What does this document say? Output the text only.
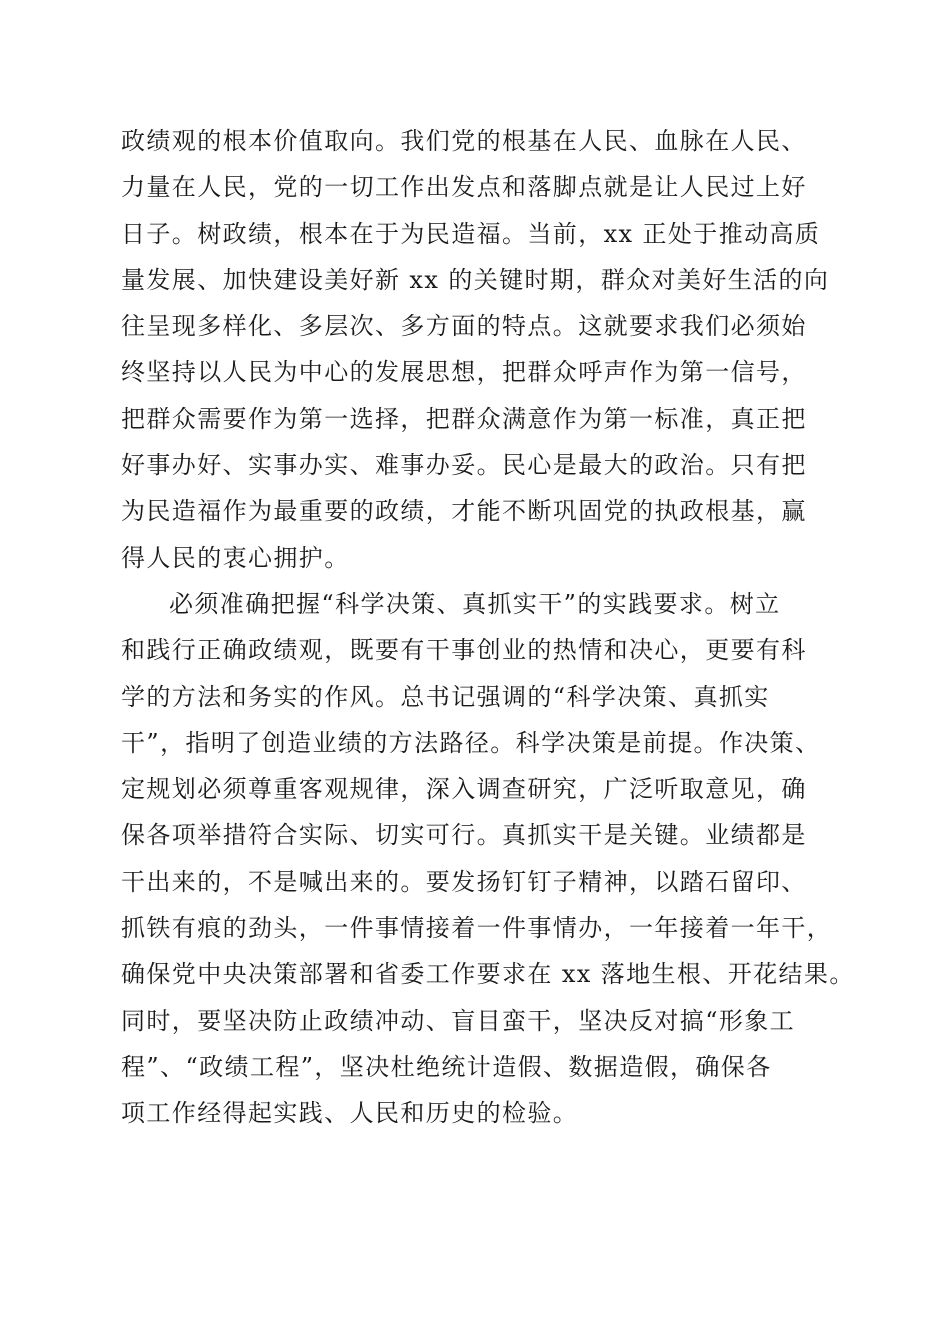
政绩观的根本价值取向。我们党的根基在人民、血脉在人民、
力量在人民，党的一切工作出发点和落脚点就是让人民过上好
日子。树政绩，根本在于为民造福。当前，xx 正处于推动高质
量发展、加快建设美好新 xx 的关键时期，群众对美好生活的向
往呈现多样化、多层次、多方面的特点。这就要求我们必须始
终坚持以人民为中心的发展思想，把群众呼声作为第一信号，
把群众需要作为第一选择，把群众满意作为第一标准，真正把
好事办好、实事办实、难事办妥。民心是最大的政治。只有把
为民造福作为最重要的政绩，才能不断巩固党的执政根基，赢
得人民的衷心拥护。
必须准确把握“科学决策、真抓实干”的实践要求。树立
和践行正确政绩观，既要有干事创业的热情和决心，更要有科
学的方法和务实的作风。总书记强调的“科学决策、真抓实
干”，指明了创造业绩的方法路径。科学决策是前提。作决策、
定规划必须尊重客观规律，深入调查研究，广泛听取意见，确
保各项举措符合实际、切实可行。真抓实干是关键。业绩都是
干出来的，不是喊出来的。要发扬钉钉子精神，以踏石留印、
抓铁有痕的劲头，一件事情接着一件事情办，一年接着一年干，
确保党中央决策部署和省委工作要求在 xx 落地生根、开花结果。
同时，要坚决防止政绩冲动、盲目蛮干，坚决反对搞“形象工
程”、“政绩工程”，坚决杜绝统计造假、数据造假，确保各
项工作经得起实践、人民和历史的检验。
